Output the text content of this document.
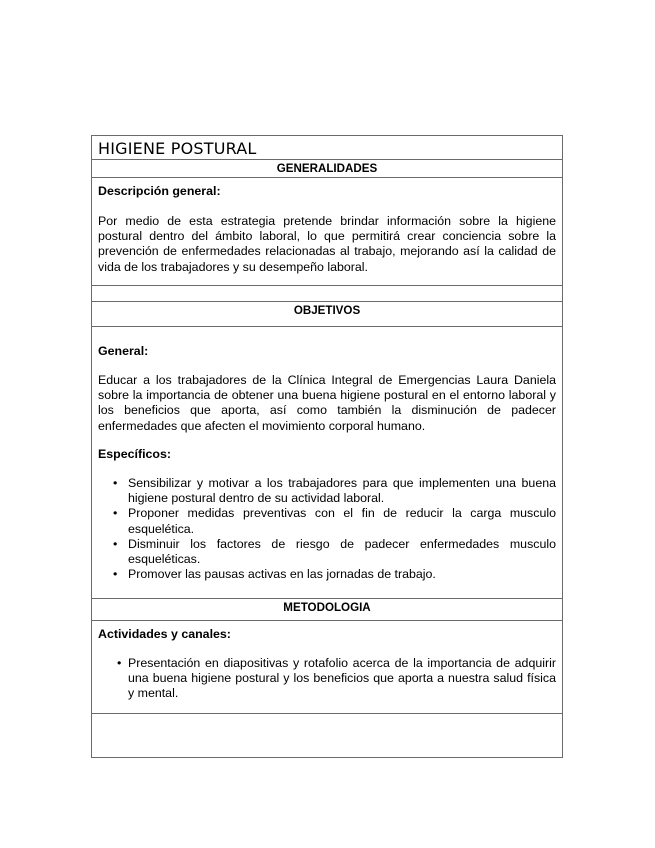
HIGIENE POSTURAL
GENERALIDADES
Descripción general:
Por medio de esta estrategia pretende brindar información sobre la higiene postural dentro del ámbito laboral, lo que permitirá crear conciencia sobre la prevención de enfermedades relacionadas al trabajo, mejorando así la calidad de vida de los trabajadores y su desempeño laboral.
OBJETIVOS
General:
Educar a los trabajadores de la Clínica Integral de Emergencias Laura Daniela sobre la importancia de obtener una buena higiene postural en el entorno laboral y los beneficios que aporta, así como también la disminución de padecer enfermedades que afecten el movimiento corporal humano.
Específicos:
• Sensibilizar y motivar a los trabajadores para que implementen una buena higiene postural dentro de su actividad laboral.
• Proponer medidas preventivas con el fin de reducir la carga musculo esquelética.
• Disminuir los factores de riesgo de padecer enfermedades musculo esqueléticas.
• Promover las pausas activas en las jornadas de trabajo.
METODOLOGIA
Actividades y canales:
• Presentación en diapositivas y rotafolio acerca de la importancia de adquirir una buena higiene postural y los beneficios que aporta a nuestra salud física y mental.
